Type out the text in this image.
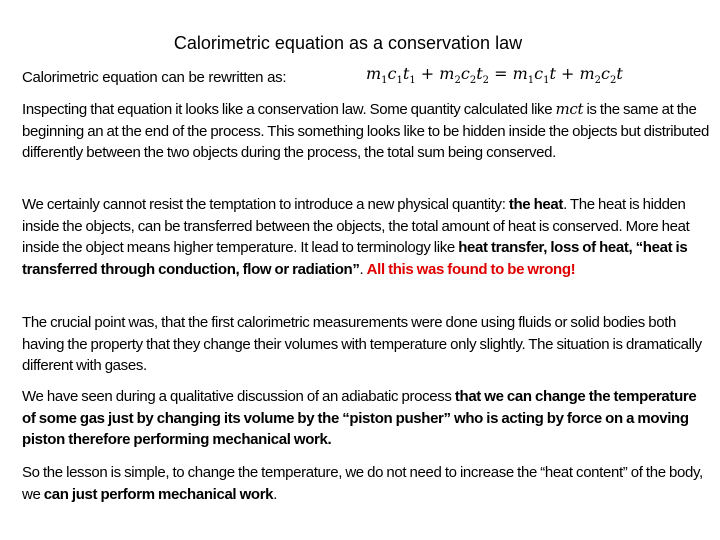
Calorimetric equation as a conservation law
Calorimetric equation can be rewritten as:	$m_1c_1t_1 + m_2c_2t_2 = m_1c_1t + m_2c_2t$
Inspecting that equation it looks like a conservation law. Some quantity calculated like mct is the same at the beginning an at the end of the process. This something looks like to be hidden inside the objects but distributed differently between the two objects during the process, the total sum being conserved.
We certainly cannot resist the temptation to introduce a new physical quantity: the heat. The heat is hidden inside the objects, can be transferred between the objects, the total amount of heat is conserved. More heat inside the object means higher temperature. It lead to terminology like heat transfer, loss of heat, “heat is transferred through conduction, flow or radiation”. All this was found to be wrong!
The crucial point was, that the first calorimetric measurements were done using fluids or solid bodies both having the property that they change their volumes with temperature only slightly. The situation is dramatically different with gases.
We have seen during a qualitative discussion of an adiabatic process that we can change the temperature of some gas just by changing its volume by the “piston pusher” who is acting by force on a moving piston therefore performing mechanical work.
So the lesson is simple, to change the temperature, we do not need to increase the “heat content” of the body, we can just perform mechanical work.
